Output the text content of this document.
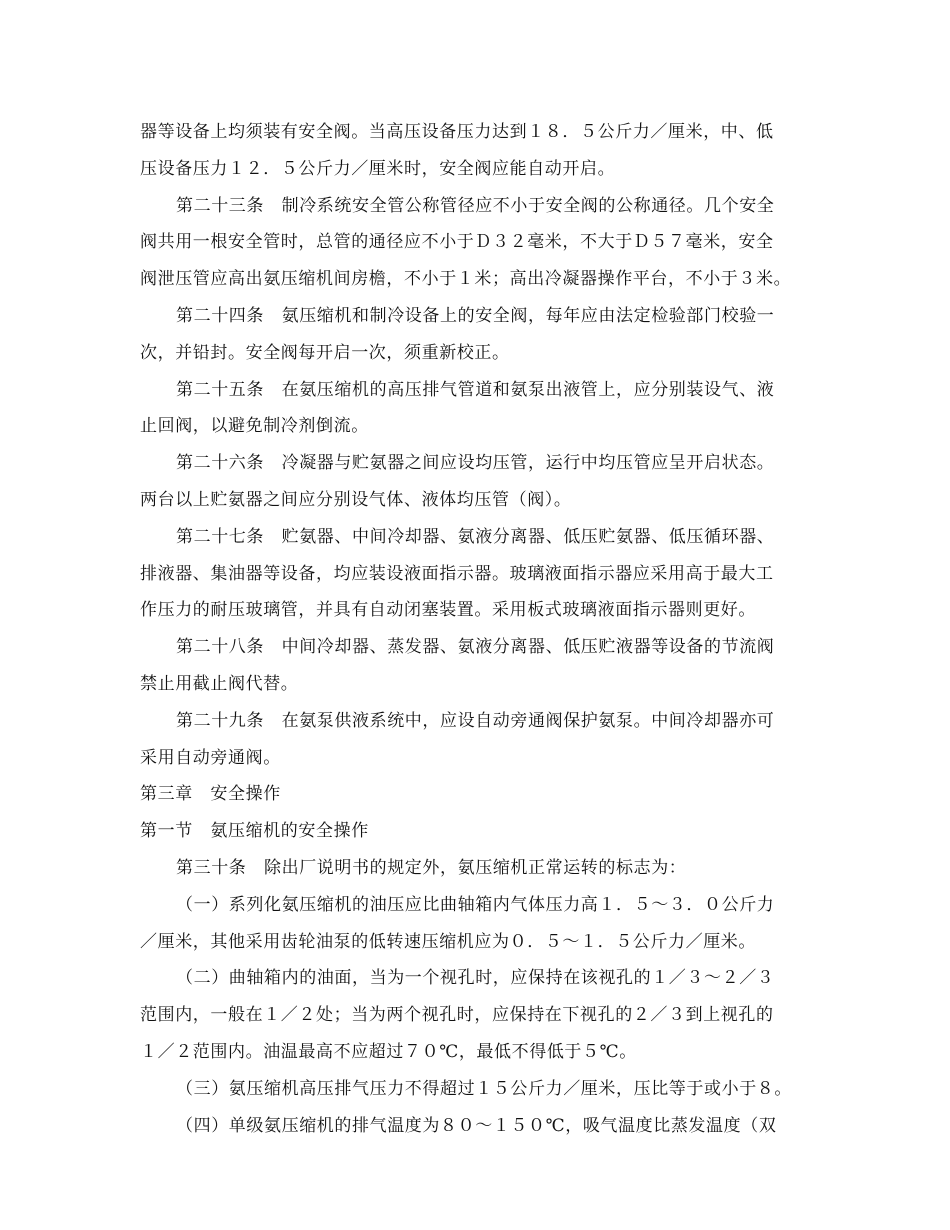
器等设备上均须装有安全阀。当高压设备压力达到１８．５公斤力／厘米，中、低
压设备压力１２．５公斤力／厘米时，安全阀应能自动开启。
第二十三条　制冷系统安全管公称管径应不小于安全阀的公称通径。几个安全
阀共用一根安全管时，总管的通径应不小于Ｄ３２毫米，不大于Ｄ５７毫米，安全
阀泄压管应高出氨压缩机间房檐，不小于１米；高出冷凝器操作平台，不小于３米。
第二十四条　氨压缩机和制冷设备上的安全阀，每年应由法定检验部门校验一
次，并铅封。安全阀每开启一次，须重新校正。
第二十五条　在氨压缩机的高压排气管道和氨泵出液管上，应分别装设气、液
止回阀，以避免制冷剂倒流。
第二十六条　冷凝器与贮氨器之间应设均压管，运行中均压管应呈开启状态。
两台以上贮氨器之间应分别设气体、液体均压管（阀）。
第二十七条　贮氨器、中间冷却器、氨液分离器、低压贮氨器、低压循环器、
排液器、集油器等设备，均应装设液面指示器。玻璃液面指示器应采用高于最大工
作压力的耐压玻璃管，并具有自动闭塞装置。采用板式玻璃液面指示器则更好。
第二十八条　中间冷却器、蒸发器、氨液分离器、低压贮液器等设备的节流阀
禁止用截止阀代替。
第二十九条　在氨泵供液系统中，应设自动旁通阀保护氨泵。中间冷却器亦可
采用自动旁通阀。
第三章　安全操作
第一节　氨压缩机的安全操作
第三十条　除出厂说明书的规定外，氨压缩机正常运转的标志为：
（一）系列化氨压缩机的油压应比曲轴箱内气体压力高１．５～３．０公斤力
／厘米，其他采用齿轮油泵的低转速压缩机应为０．５～１．５公斤力／厘米。
（二）曲轴箱内的油面，当为一个视孔时，应保持在该视孔的１／３～２／３
范围内，一般在１／２处；当为两个视孔时，应保持在下视孔的２／３到上视孔的
１／２范围内。油温最高不应超过７０℃，最低不得低于５℃。
（三）氨压缩机高压排气压力不得超过１５公斤力／厘米，压比等于或小于８。
（四）单级氨压缩机的排气温度为８０～１５０℃，吸气温度比蒸发温度（双
